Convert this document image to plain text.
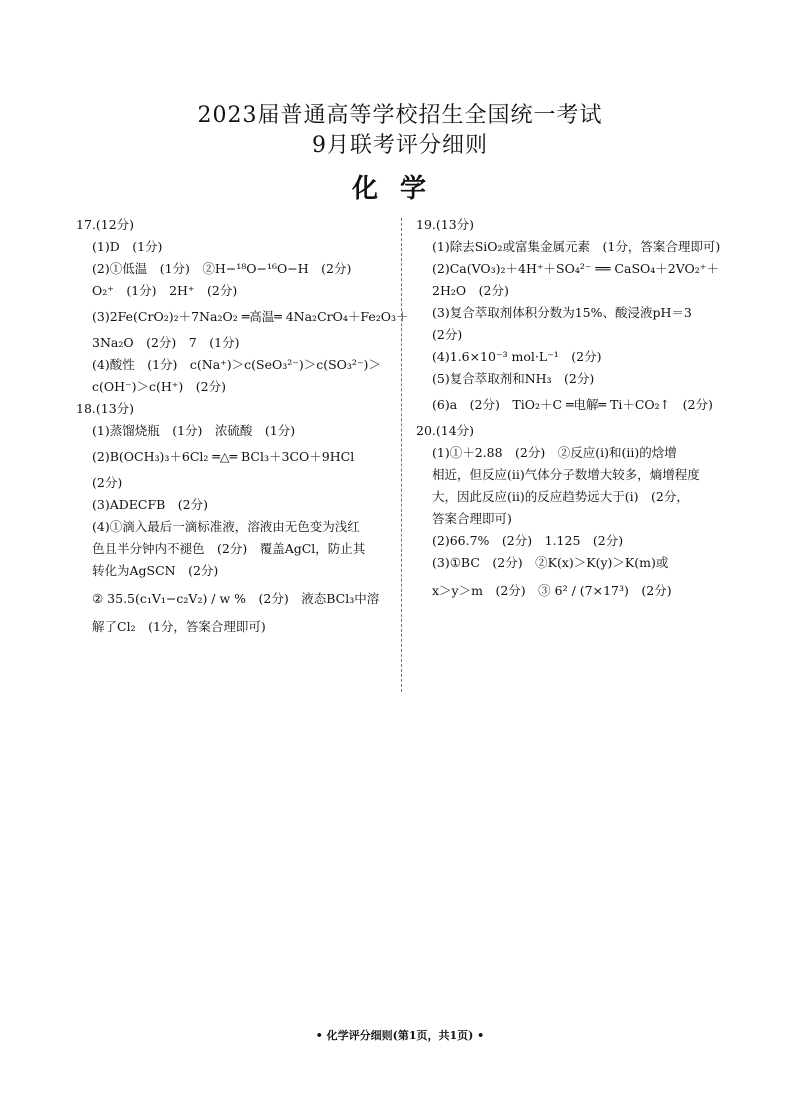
2023届普通高等学校招生全国统一考试
9月联考评分细则
化学
17.(12分)
(1)D　(1分)
(2)①低温　(1分)　②H−¹⁸O−¹⁶O−H　(2分)
O₂⁺　(1分)　2H⁺　(2分)
(3)2Fe(CrO₂)₂＋7Na₂O₂ ═高温═ 4Na₂CrO₄＋Fe₂O₃＋
3Na₂O　(2分)　7　(1分)
(4)酸性　(1分)　c(Na⁺)＞c(SeO₃²⁻)＞c(SO₃²⁻)＞
c(OH⁻)＞c(H⁺)　(2分)
18.(13分)
(1)蒸馏烧瓶　(1分)　浓硫酸　(1分)
(2)B(OCH₃)₃＋6Cl₂ ═△═ BCl₃＋3CO＋9HCl
(2分)
(3)ADECFB　(2分)
(4)①滴入最后一滴标准液，溶液由无色变为浅红
色且半分钟内不褪色　(2分)　覆盖AgCl，防止其
转化为AgSCN　(2分)
② 35.5(c₁V₁−c₂V₂) / w %　(2分)　液态BCl₃中溶
解了Cl₂　(1分，答案合理即可)
19.(13分)
(1)除去SiO₂或富集金属元素　(1分，答案合理即可)
(2)Ca(VO₃)₂＋4H⁺＋SO₄²⁻ ══ CaSO₄＋2VO₂⁺＋
2H₂O　(2分)
(3)复合萃取剂体积分数为15%、酸浸液pH＝3
(2分)
(4)1.6×10⁻³ mol·L⁻¹　(2分)
(5)复合萃取剂和NH₃　(2分)
(6)a　(2分)　TiO₂＋C ═电解═ Ti＋CO₂↑　(2分)
20.(14分)
(1)①＋2.88　(2分)　②反应(ⅰ)和(ⅱ)的焓增
相近，但反应(ⅱ)气体分子数增大较多，熵增程度
大，因此反应(ⅱ)的反应趋势远大于(ⅰ)　(2分，
答案合理即可)
(2)66.7%　(2分)　1.125　(2分)
(3)①BC　(2分)　②K(x)＞K(y)＞K(m)或
x＞y＞m　(2分)　③ 6² / (7×17³)　(2分)
• 化学评分细则(第1页，共1页) •
